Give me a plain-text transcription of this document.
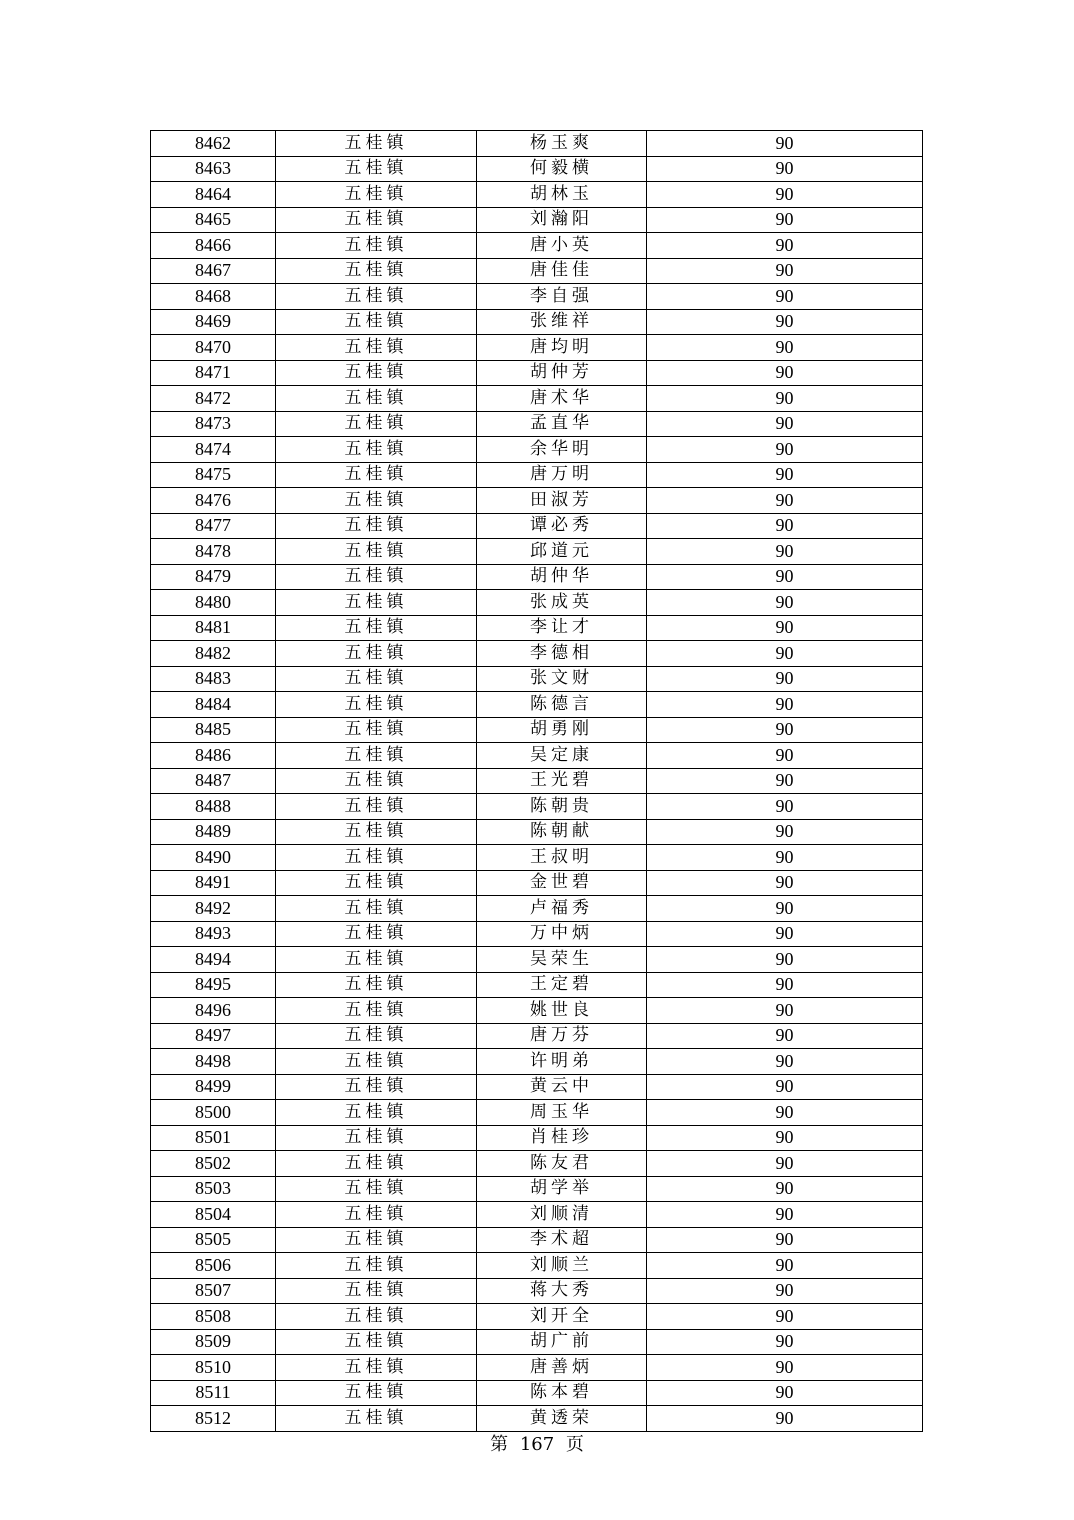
8462	五桂镇	杨玉爽	90
8463	五桂镇	何毅横	90
8464	五桂镇	胡林玉	90
8465	五桂镇	刘瀚阳	90
8466	五桂镇	唐小英	90
8467	五桂镇	唐佳佳	90
8468	五桂镇	李自强	90
8469	五桂镇	张维祥	90
8470	五桂镇	唐均明	90
8471	五桂镇	胡仲芳	90
8472	五桂镇	唐术华	90
8473	五桂镇	孟直华	90
8474	五桂镇	余华明	90
8475	五桂镇	唐万明	90
8476	五桂镇	田淑芳	90
8477	五桂镇	谭必秀	90
8478	五桂镇	邱道元	90
8479	五桂镇	胡仲华	90
8480	五桂镇	张成英	90
8481	五桂镇	李让才	90
8482	五桂镇	李德相	90
8483	五桂镇	张文财	90
8484	五桂镇	陈德言	90
8485	五桂镇	胡勇刚	90
8486	五桂镇	吴定康	90
8487	五桂镇	王光碧	90
8488	五桂镇	陈朝贵	90
8489	五桂镇	陈朝献	90
8490	五桂镇	王叔明	90
8491	五桂镇	金世碧	90
8492	五桂镇	卢福秀	90
8493	五桂镇	万中炳	90
8494	五桂镇	吴荣生	90
8495	五桂镇	王定碧	90
8496	五桂镇	姚世良	90
8497	五桂镇	唐万芬	90
8498	五桂镇	许明弟	90
8499	五桂镇	黄云中	90
8500	五桂镇	周玉华	90
8501	五桂镇	肖桂珍	90
8502	五桂镇	陈友君	90
8503	五桂镇	胡学举	90
8504	五桂镇	刘顺清	90
8505	五桂镇	李术超	90
8506	五桂镇	刘顺兰	90
8507	五桂镇	蒋大秀	90
8508	五桂镇	刘开全	90
8509	五桂镇	胡广前	90
8510	五桂镇	唐善炳	90
8511	五桂镇	陈本碧	90
8512	五桂镇	黄透荣	90
第 167 页
